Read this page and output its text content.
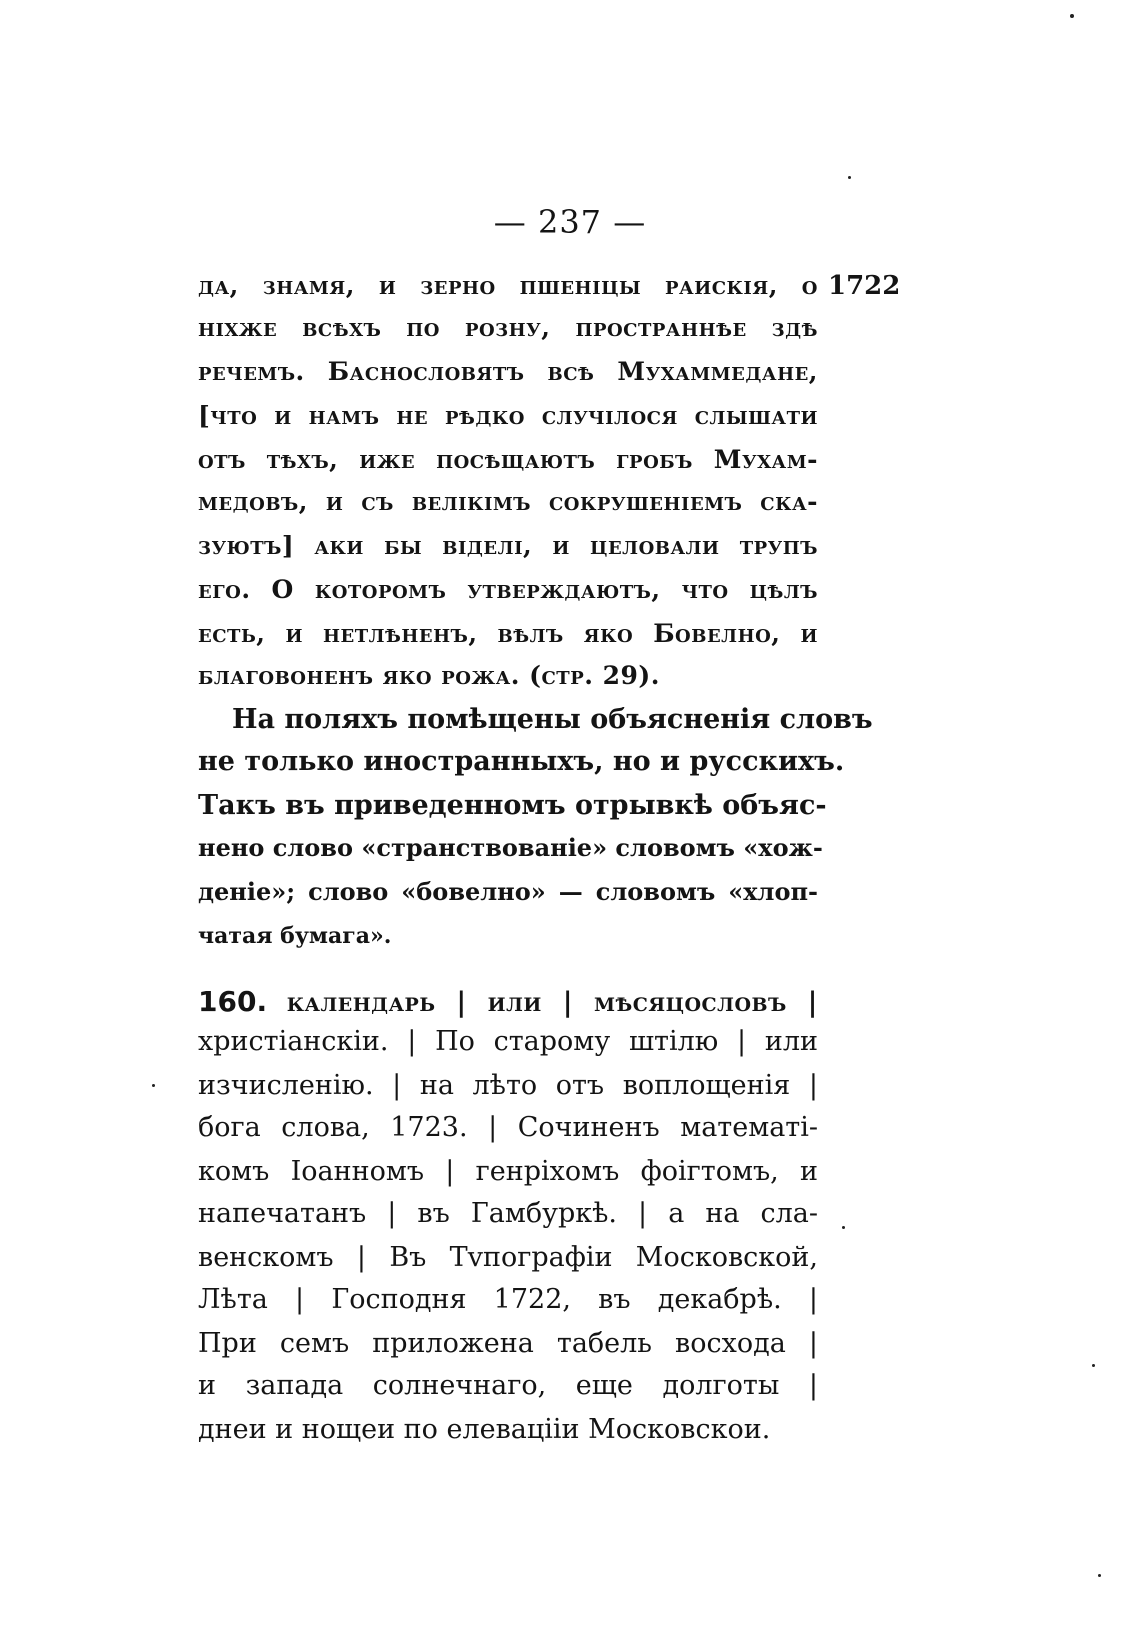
— 237 —
1722
да, знамя, и зерно пшеніцы раискія, о
ніхже всѣхъ по розну, пространнѣе здѣ
речемъ. Баснословятъ всѣ Мухаммедане,
[что и намъ не рѣдко случілося слышати
отъ тѣхъ, иже посѣщаютъ гробъ Мухам-
медовъ, и съ велікімъ сокрушеніемъ ска-
зуютъ] аки бы віделі, и целовали трупъ
его. О которомъ утверждаютъ, что цѣлъ
есть, и нетлѣненъ, вѣлъ яко Бовелно, и
благовоненъ яко рожа. (стр. 29).
На поляхъ помѣщены объясненія словъ
не только иностранныхъ, но и русскихъ.
Такъ въ приведенномъ отрывкѣ объяс-
нено слово «странствованіе» словомъ «хож-
деніе»; слово «бовелно» — словомъ «хлоп-
чатая бумага».
160. календарь | или | мѣсяцословъ |
христіанскіи. | По старому штілю | или
изчисленію. | на лѣто отъ воплощенія |
бога слова, 1723. | Сочиненъ математі-
комъ Іоанномъ | генріхомъ фоігтомъ, и
напечатанъ | въ Гамбуркѣ. | а на сла-
венскомъ | Въ Тvпографіи Московской,
Лѣта | Господня 1722, въ декабрѣ. |
При семъ приложена табель восхода |
и запада солнечнаго, еще долготы |
днеи и нощеи по елевацііи Московскои.
